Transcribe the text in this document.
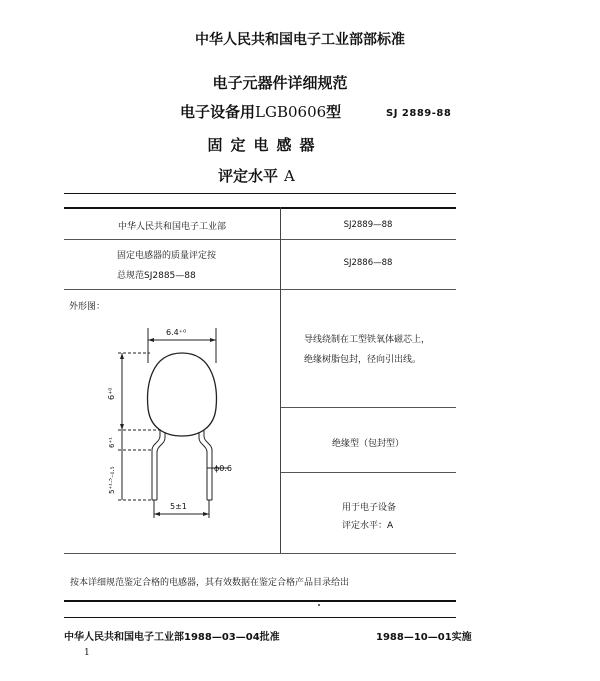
中华人民共和国电子工业部部标准
电子元器件详细规范
电子设备用LGB0606型	SJ 2889-88
固定电感器
评定水平 A
中华人民共和国电子工业部	SJ2889—88
固定电感器的质量评定按
总规范SJ2885—88
SJ2886—88
外形图：
导线绕制在工型铁氧体磁芯上，
绝缘树脂包封，径向引出线。
绝缘型（包封型）
用于电子设备
评定水平：A
6.4⁺⁰
6⁺⁰
6⁺¹
5⁺¹·⁵₋₀.₅	ϕ0.6
5±1
按本详细规范鉴定合格的电感器，其有效数据在鉴定合格产品目录给出
中华人民共和国电子工业部1988—03—04批准	1988—10—01实施
1
